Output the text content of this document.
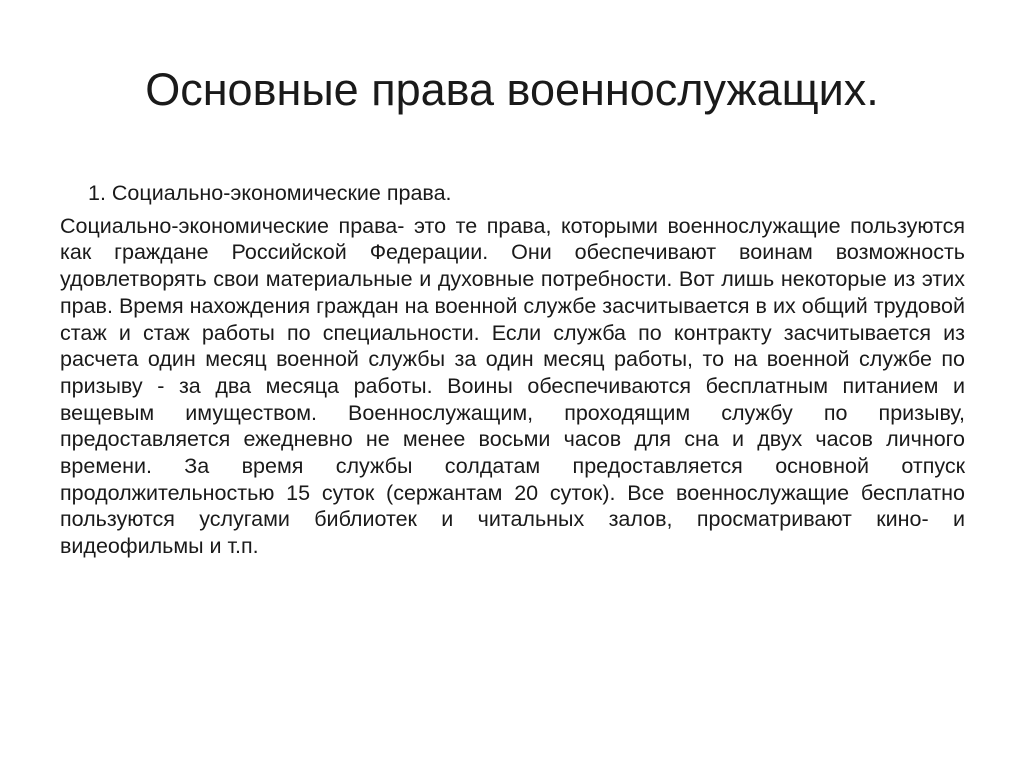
Основные права военнослужащих.

1. Социально-экономические права.

Социально-экономические права- это те права, которыми военнослужащие пользуются как граждане Российской Федерации. Они обеспечивают воинам возможность удовлетворять свои материальные и духовные потребности. Вот лишь некоторые из этих прав. Время нахождения граждан на военной службе засчитывается в их общий трудовой стаж и стаж работы по специальности. Если служба по контракту засчитывается из расчета один месяц военной службы за один месяц работы, то на военной службе по призыву - за два месяца работы. Воины обеспечиваются бесплатным питанием и вещевым имуществом. Военнослужащим, проходящим службу по призыву, предоставляется ежедневно не менее восьми часов для сна и двух часов личного времени. За время службы солдатам предоставляется основной отпуск продолжительностью 15 суток (сержантам 20 суток). Все военнослужащие бесплатно пользуются услугами библиотек и читальных залов, просматривают кино- и видеофильмы и т.п.
